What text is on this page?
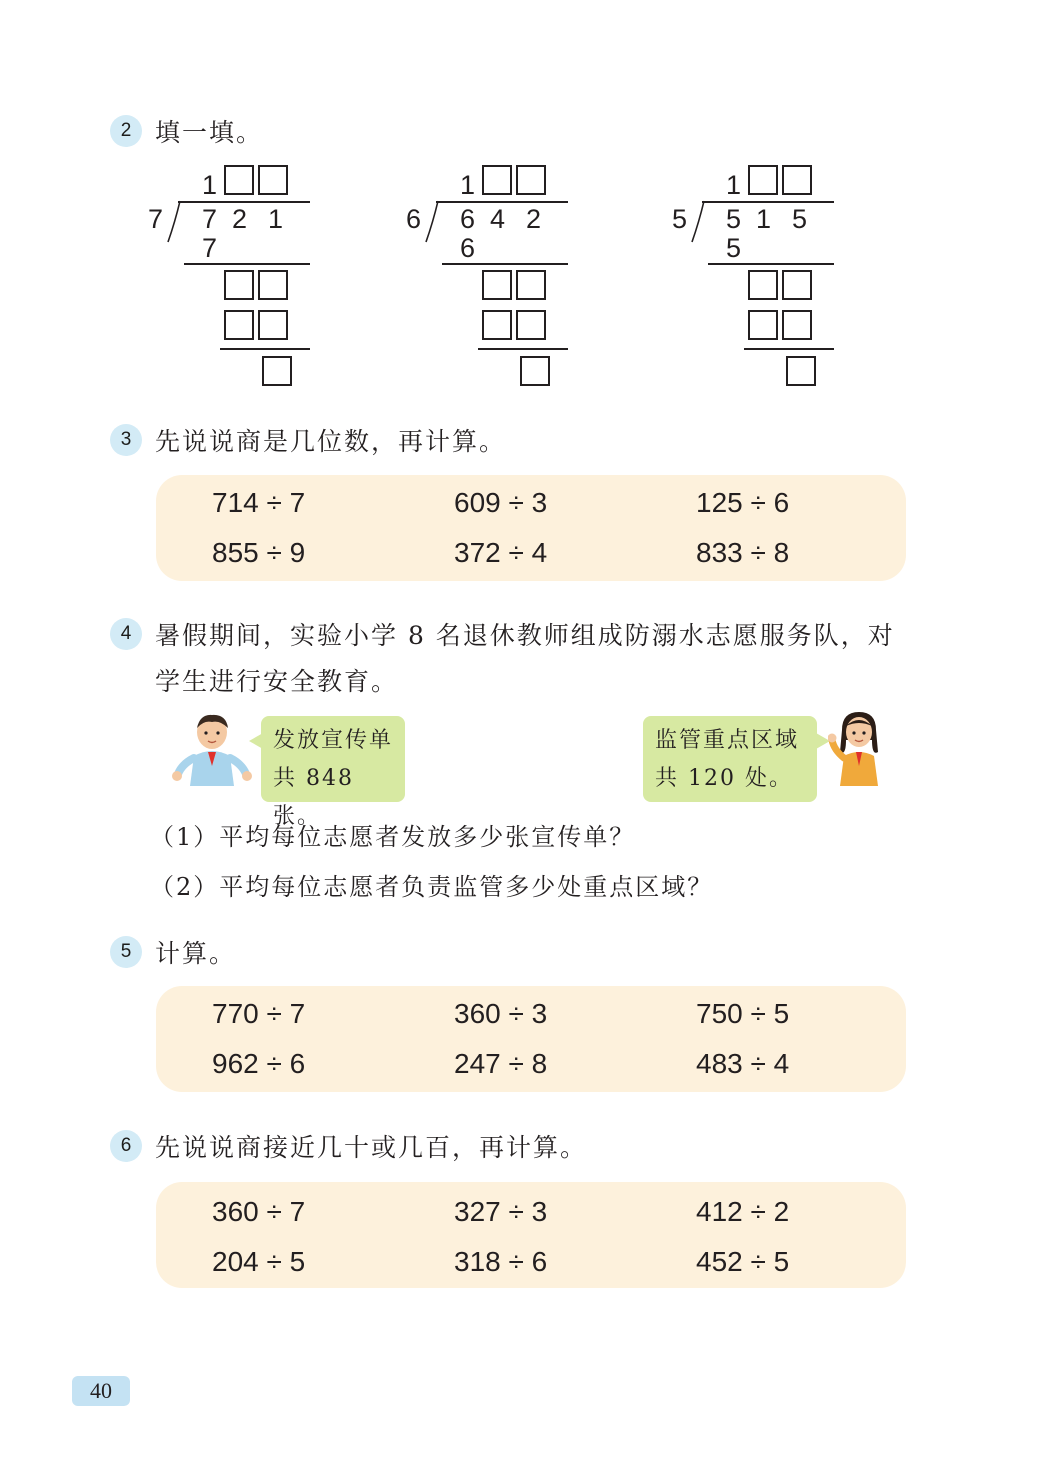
2 填一填。
1
7 7 2 1
7
1
6 6 4 2
6
1
5 5 1 5
5
3 先说说商是几位数，再计算。
714 ÷ 7	609 ÷ 3	125 ÷ 6
855 ÷ 9	372 ÷ 4	833 ÷ 8
4 暑假期间，实验小学 8 名退休教师组成防溺水志愿服务队，对
学生进行安全教育。
发放宣传单
共 848 张。
监管重点区域
共 120 处。
（1）平均每位志愿者发放多少张宣传单？
（2）平均每位志愿者负责监管多少处重点区域？
5 计算。
770 ÷ 7	360 ÷ 3	750 ÷ 5
962 ÷ 6	247 ÷ 8	483 ÷ 4
6 先说说商接近几十或几百，再计算。
360 ÷ 7	327 ÷ 3	412 ÷ 2
204 ÷ 5	318 ÷ 6	452 ÷ 5
40
